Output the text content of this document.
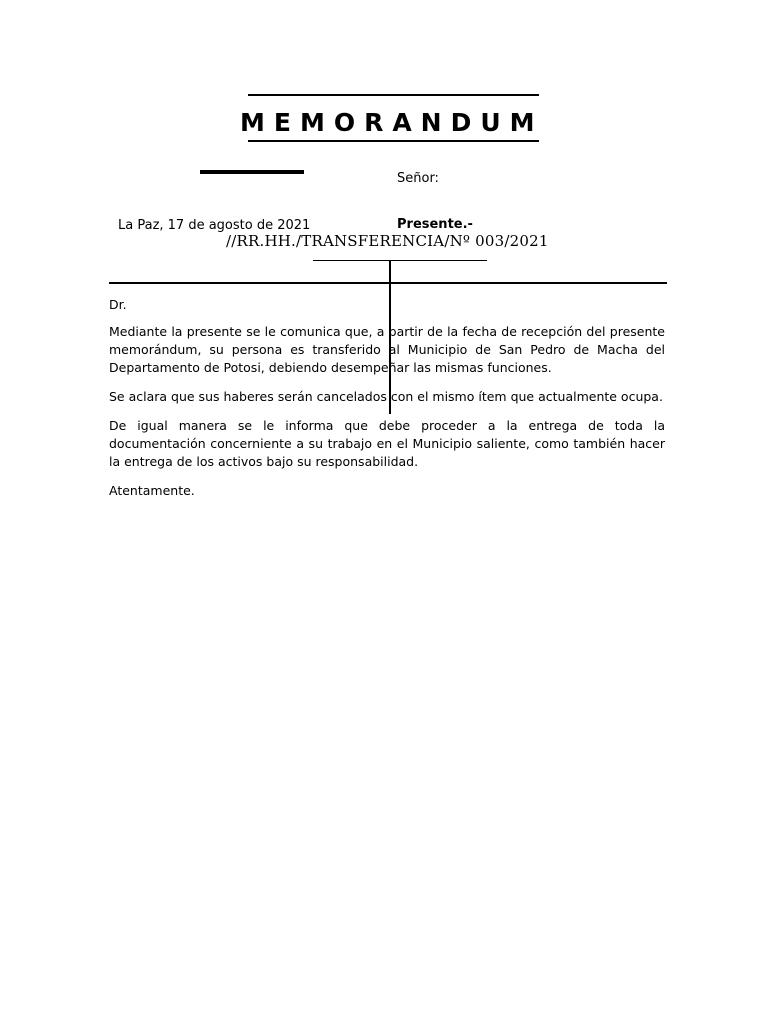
MEMORANDUM
Señor:
La Paz, 17 de agosto de 2021	Presente.-
//RR.HH./TRANSFERENCIA/Nº 003/2021

Dr.

Mediante la presente se le comunica que, a partir de la fecha de recepción del presente memorándum, su persona es transferido al Municipio de San Pedro de Macha del Departamento de Potosi, debiendo desempeñar las mismas funciones.

Se aclara que sus haberes serán cancelados con el mismo ítem que actualmente ocupa.

De igual manera se le informa que debe proceder a la entrega de toda la documentación concerniente a su trabajo en el Municipio saliente, como también hacer la entrega de los activos bajo su responsabilidad.

Atentamente.
